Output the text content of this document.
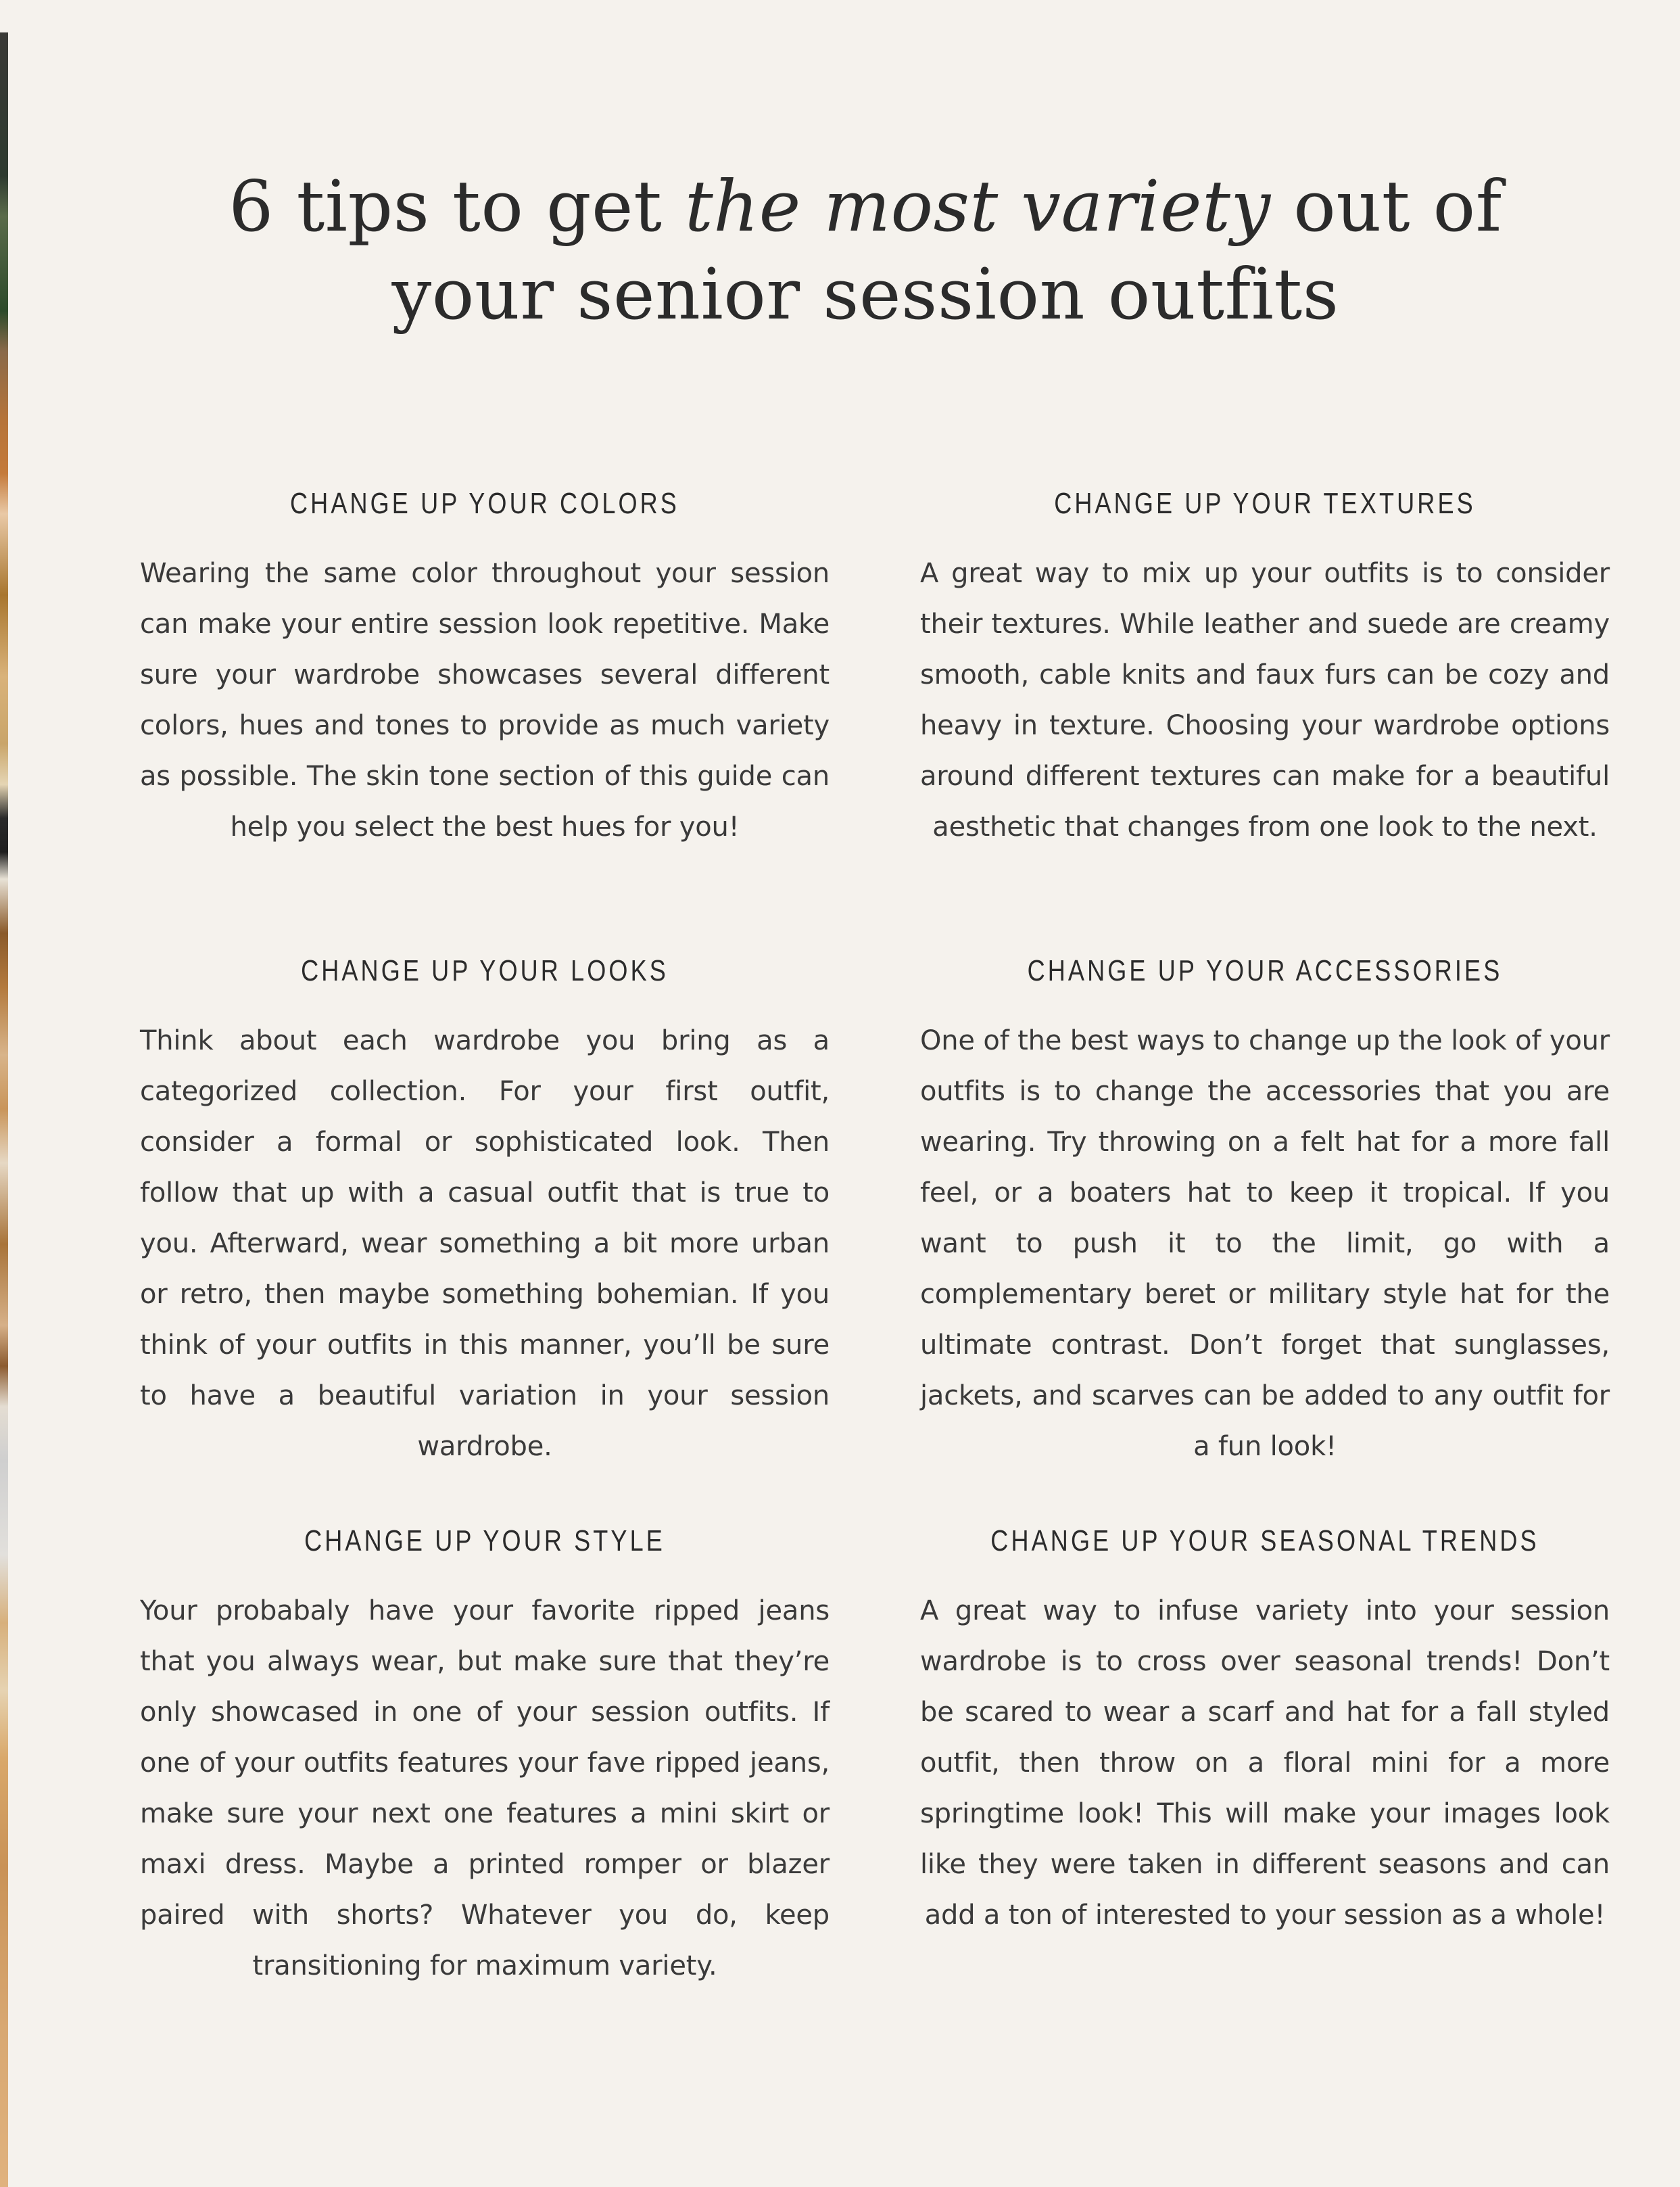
6 tips to get the most variety out of your senior session outfits
CHANGE UP YOUR COLORS

Wearing the same color throughout your session can make your entire session look repetitive. Make sure your wardrobe showcases several different colors, hues and tones to provide as much variety as possible. The skin tone section of this guide can help you select the best hues for you!

CHANGE UP YOUR TEXTURES

A great way to mix up your outfits is to consider their textures. While leather and suede are creamy smooth, cable knits and faux furs can be cozy and heavy in texture. Choosing your wardrobe options around different textures can make for a beautiful aesthetic that changes from one look to the next.

CHANGE UP YOUR LOOKS

Think about each wardrobe you bring as a categorized collection. For your first outfit, consider a formal or sophisticated look. Then follow that up with a casual outfit that is true to you. Afterward, wear something a bit more urban or retro, then maybe something bohemian. If you think of your outfits in this manner, you’ll be sure to have a beautiful variation in your session wardrobe.

CHANGE UP YOUR ACCESSORIES

One of the best ways to change up the look of your outfits is to change the accessories that you are wearing. Try throwing on a felt hat for a more fall feel, or a boaters hat to keep it tropical. If you want to push it to the limit, go with a complementary beret or military style hat for the ultimate contrast. Don’t forget that sunglasses, jackets, and scarves can be added to any outfit for a fun look!

CHANGE UP YOUR STYLE

Your probabaly have your favorite ripped jeans that you always wear, but make sure that they’re only showcased in one of your session outfits. If one of your outfits features your fave ripped jeans, make sure your next one features a mini skirt or maxi dress. Maybe a printed romper or blazer paired with shorts? Whatever you do, keep transitioning for maximum variety.

CHANGE UP YOUR SEASONAL TRENDS

A great way to infuse variety into your session wardrobe is to cross over seasonal trends! Don’t be scared to wear a scarf and hat for a fall styled outfit, then throw on a floral mini for a more springtime look! This will make your images look like they were taken in different seasons and can add a ton of interested to your session as a whole!
